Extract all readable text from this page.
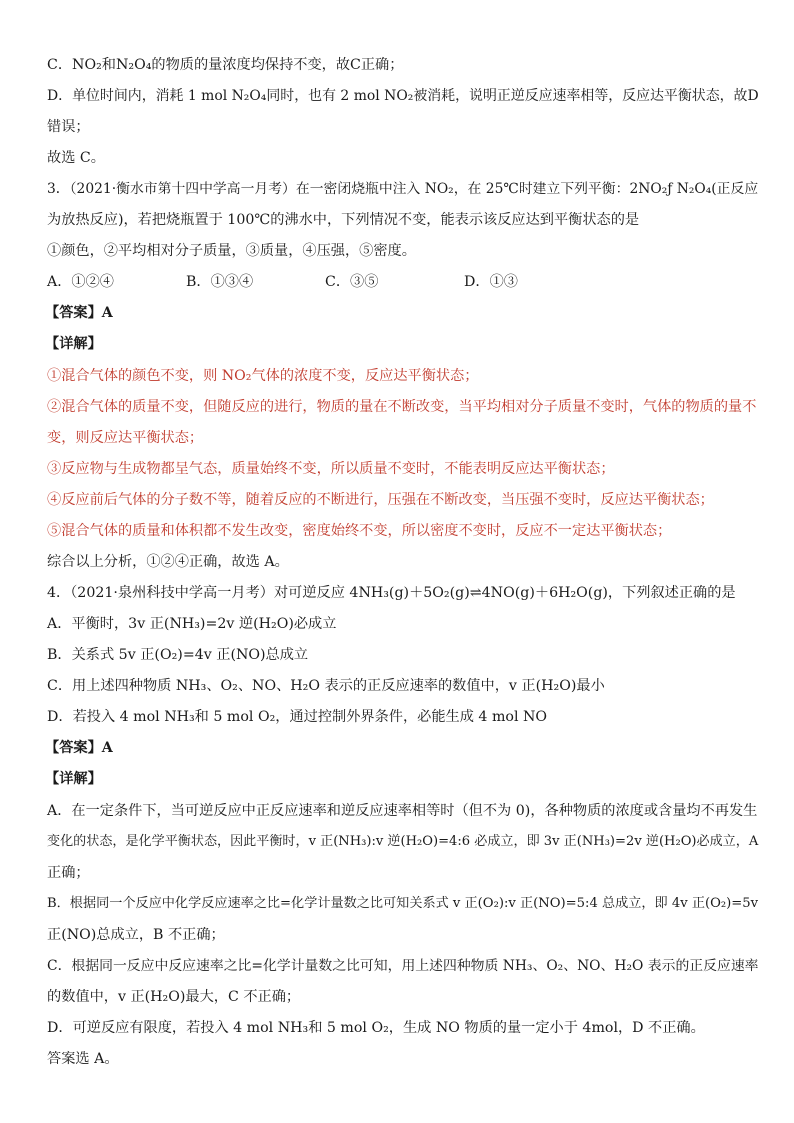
C．NO₂和N₂O₄的物质的量浓度均保持不变，故C正确；
D．单位时间内，消耗 1 mol N₂O₄同时，也有 2 mol NO₂被消耗，说明正逆反应速率相等，反应达平衡状态，故D
错误；
故选 C。
3．（2021·衡水市第十四中学高一月考）在一密闭烧瓶中注入 NO₂，在 25℃时建立下列平衡：2NO₂ƒ N₂O₄(正反应
为放热反应)，若把烧瓶置于 100℃的沸水中，下列情况不变，能表示该反应达到平衡状态的是
①颜色，②平均相对分子质量，③质量，④压强，⑤密度。
A．①②④	B．①③④	C．③⑤	D．①③
【答案】A
【详解】
①混合气体的颜色不变，则 NO₂气体的浓度不变，反应达平衡状态；
②混合气体的质量不变，但随反应的进行，物质的量在不断改变，当平均相对分子质量不变时，气体的物质的量不
变，则反应达平衡状态；
③反应物与生成物都呈气态，质量始终不变，所以质量不变时，不能表明反应达平衡状态；
④反应前后气体的分子数不等，随着反应的不断进行，压强在不断改变，当压强不变时，反应达平衡状态；
⑤混合气体的质量和体积都不发生改变，密度始终不变，所以密度不变时，反应不一定达平衡状态；
综合以上分析，①②④正确，故选 A。
4．（2021·泉州科技中学高一月考）对可逆反应 4NH₃(g)＋5O₂(g)⇌4NO(g)＋6H₂O(g)，下列叙述正确的是
A．平衡时，3v 正(NH₃)=2v 逆(H₂O)必成立
B．关系式 5v 正(O₂)=4v 正(NO)总成立
C．用上述四种物质 NH₃、O₂、NO、H₂O 表示的正反应速率的数值中，v 正(H₂O)最小
D．若投入 4 mol NH₃和 5 mol O₂，通过控制外界条件，必能生成 4 mol NO
【答案】A
【详解】
A．在一定条件下，当可逆反应中正反应速率和逆反应速率相等时（但不为 0)，各种物质的浓度或含量均不再发生
变化的状态，是化学平衡状态，因此平衡时，v 正(NH₃):v 逆(H₂O)=4:6 必成立，即 3v 正(NH₃)=2v 逆(H₂O)必成立，A
正确；
B．根据同一个反应中化学反应速率之比=化学计量数之比可知关系式 v 正(O₂):v 正(NO)=5:4 总成立，即 4v 正(O₂)=5v
正(NO)总成立，B 不正确；
C．根据同一反应中反应速率之比=化学计量数之比可知，用上述四种物质 NH₃、O₂、NO、H₂O 表示的正反应速率
的数值中，v 正(H₂O)最大，C 不正确；
D．可逆反应有限度，若投入 4 mol NH₃和 5 mol O₂，生成 NO 物质的量一定小于 4mol，D 不正确。
答案选 A。
